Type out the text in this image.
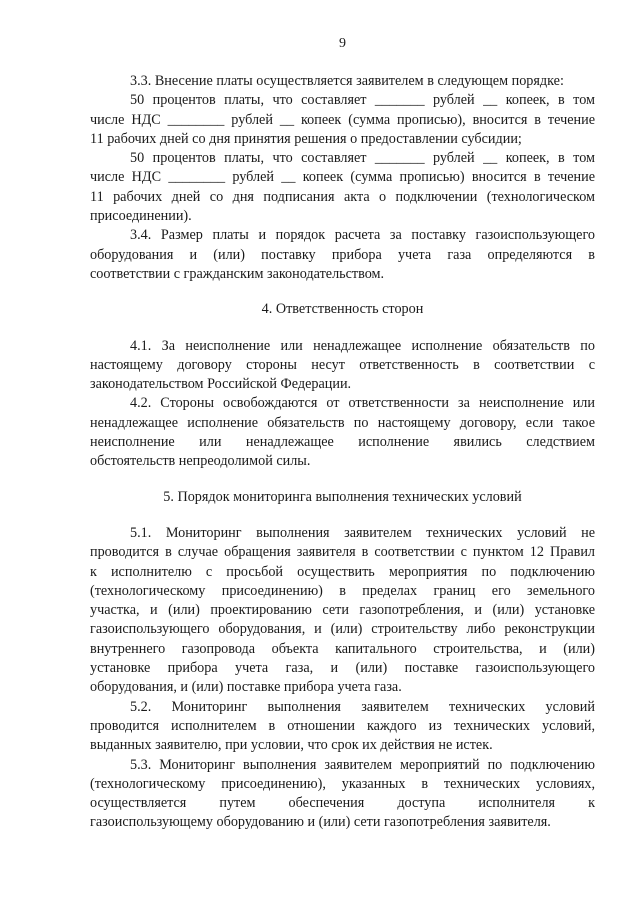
9
3.3. Внесение платы осуществляется заявителем в следующем порядке:
50 процентов платы, что составляет _______ рублей __ копеек, в том
числе НДС ________ рублей __ копеек (сумма прописью), вносится в течение
11 рабочих дней со дня принятия решения о предоставлении субсидии;
50 процентов платы, что составляет _______ рублей __ копеек, в том
числе НДС ________ рублей __ копеек (сумма прописью) вносится в течение
11 рабочих дней со дня подписания акта о подключении (технологическом
присоединении).
3.4. Размер платы и порядок расчета за поставку газоиспользующего
оборудования и (или) поставку прибора учета газа определяются в
соответствии с гражданским законодательством.
4. Ответственность сторон
4.1. За неисполнение или ненадлежащее исполнение обязательств по
настоящему договору стороны несут ответственность в соответствии с
законодательством Российской Федерации.
4.2. Стороны освобождаются от ответственности за неисполнение или
ненадлежащее исполнение обязательств по настоящему договору, если такое
неисполнение или ненадлежащее исполнение явились следствием
обстоятельств непреодолимой силы.
5. Порядок мониторинга выполнения технических условий
5.1. Мониторинг выполнения заявителем технических условий не
проводится в случае обращения заявителя в соответствии с пунктом 12 Правил
к исполнителю с просьбой осуществить мероприятия по подключению
(технологическому присоединению) в пределах границ его земельного
участка, и (или) проектированию сети газопотребления, и (или) установке
газоиспользующего оборудования, и (или) строительству либо реконструкции
внутреннего газопровода объекта капитального строительства, и (или)
установке прибора учета газа, и (или) поставке газоиспользующего
оборудования, и (или) поставке прибора учета газа.
5.2. Мониторинг выполнения заявителем технических условий
проводится исполнителем в отношении каждого из технических условий,
выданных заявителю, при условии, что срок их действия не истек.
5.3. Мониторинг выполнения заявителем мероприятий по подключению
(технологическому присоединению), указанных в технических условиях,
осуществляется путем обеспечения доступа исполнителя к
газоиспользующему оборудованию и (или) сети газопотребления заявителя.
